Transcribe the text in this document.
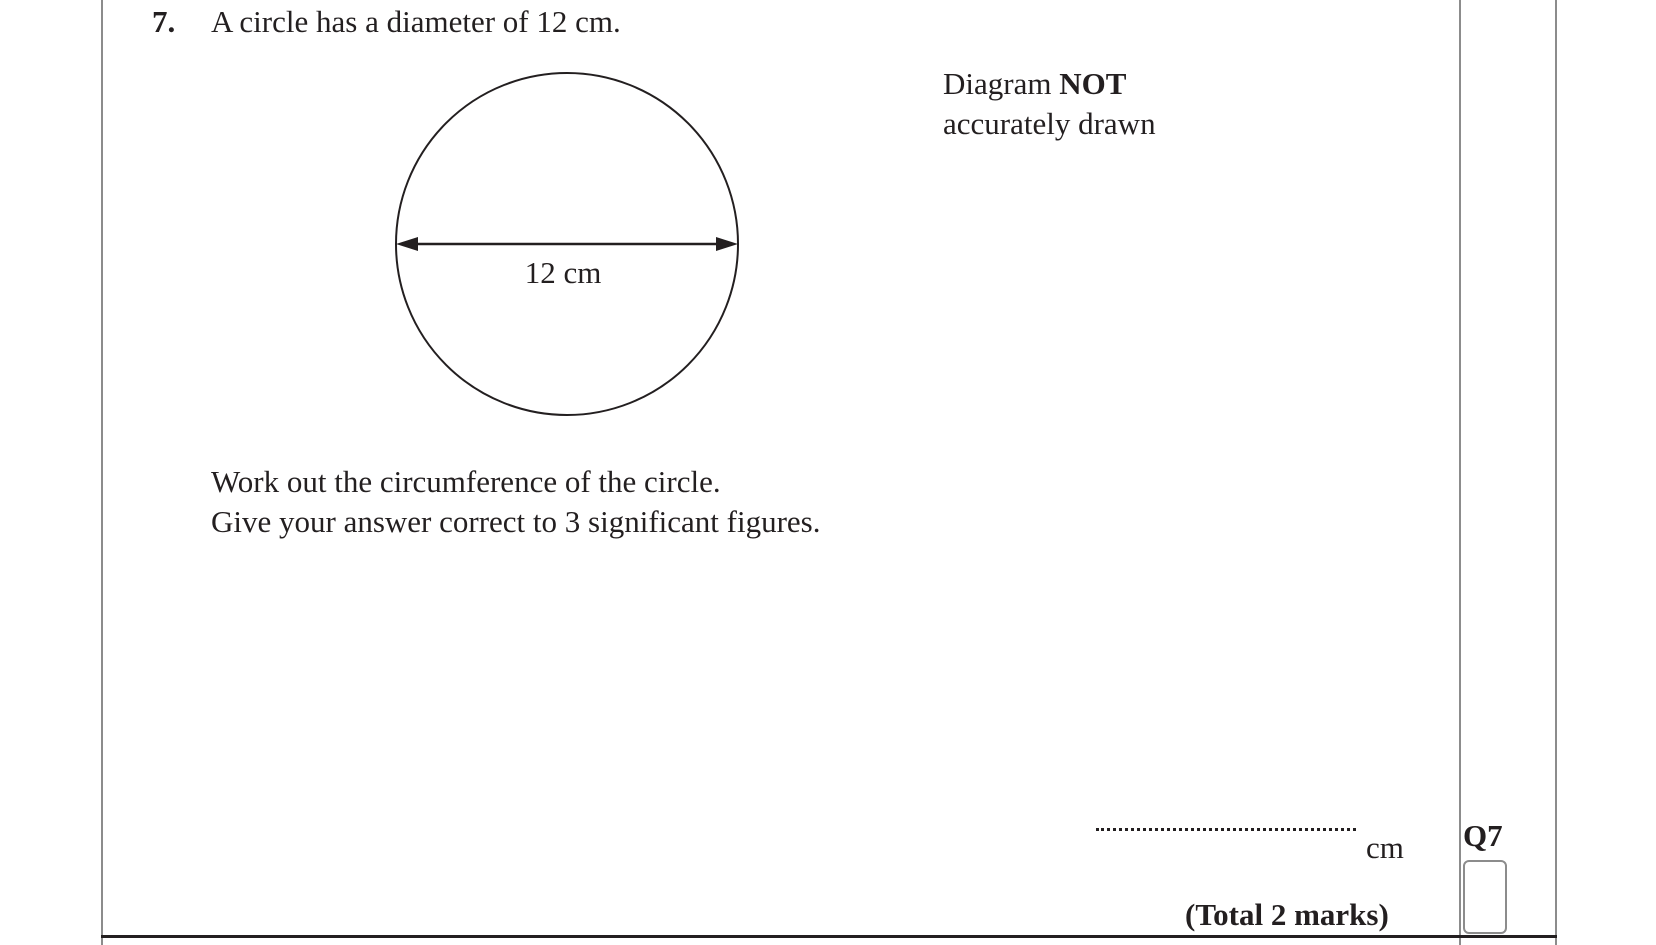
7. A circle has a diameter of 12 cm.
Diagram NOT
accurately drawn
12 cm
Work out the circumference of the circle.
Give your answer correct to 3 significant figures.
cm Q7
(Total 2 marks)
